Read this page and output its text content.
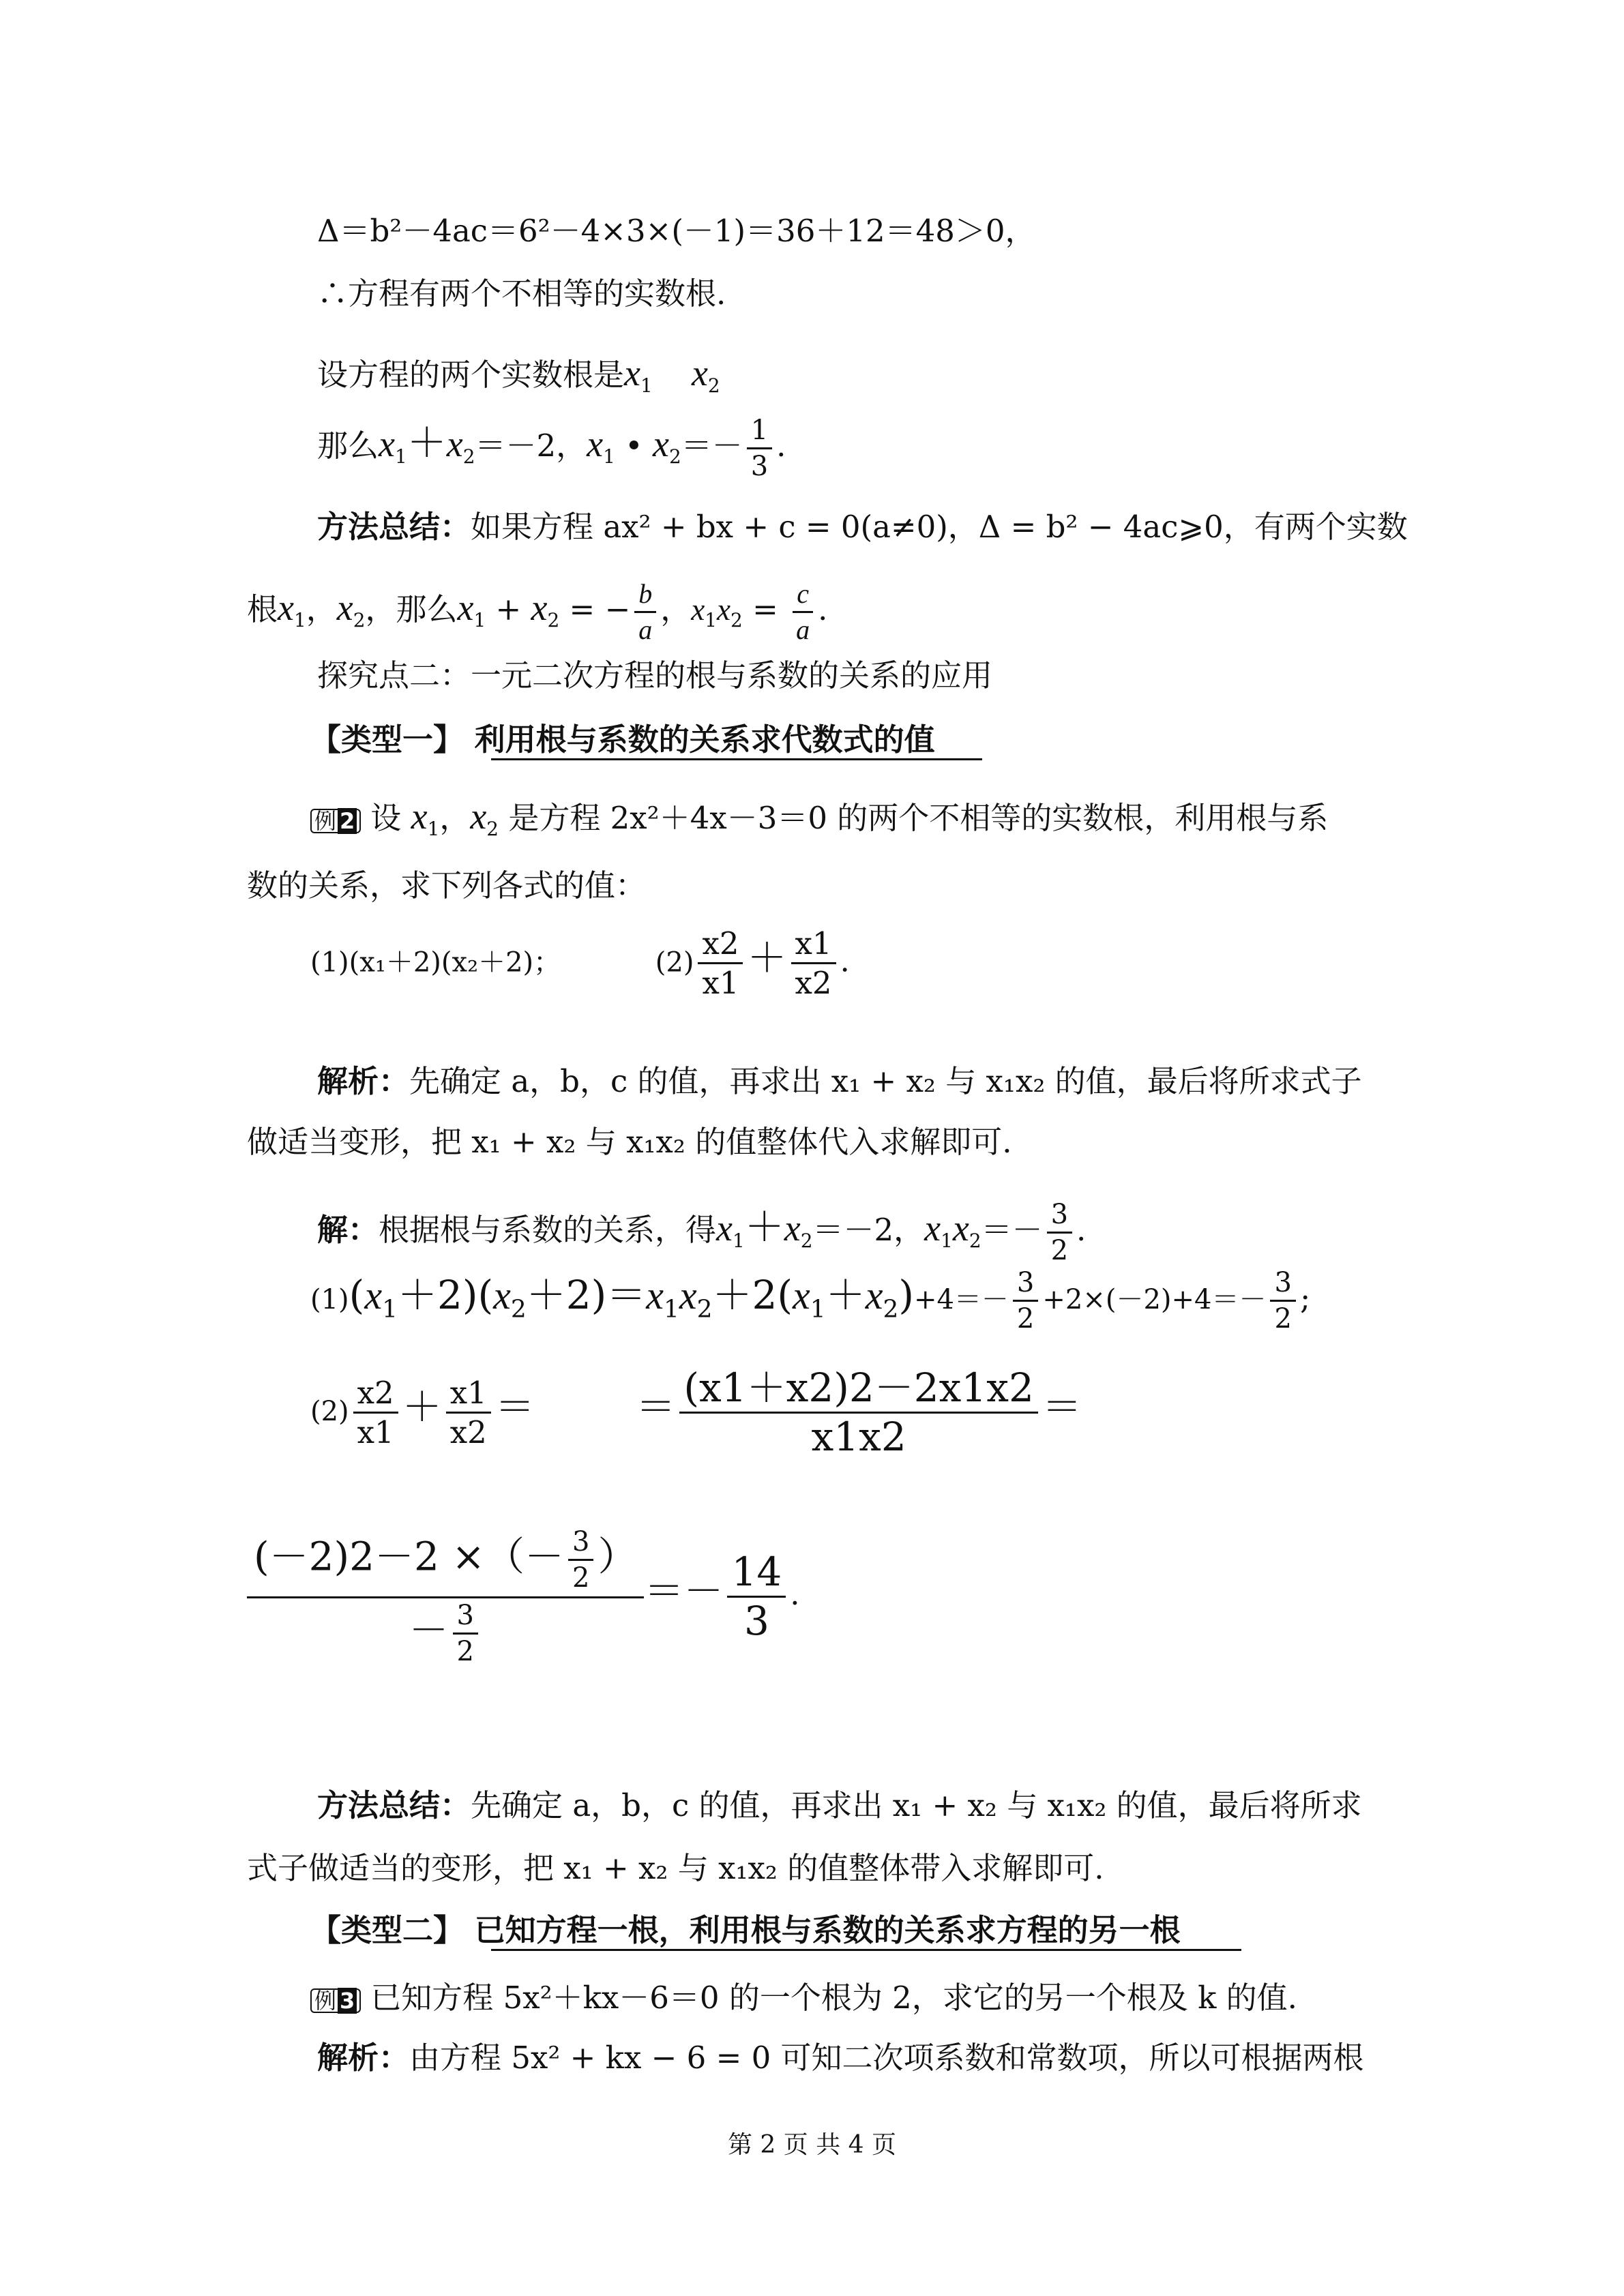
Δ＝b²－4ac＝6²－4×3×(－1)＝36＋12＝48＞0，
∴方程有两个不相等的实数根.
设方程的两个实数根是$x_1$ $x_2$
那么$x_1+x_2=-2$，$x_1$ • $x_2=- \frac{1}{3}$ .
方法总结：如果方程 ax² + bx + c = 0(a≠0)，Δ = b² − 4ac⩾0，有两个实数
根$x_1$，$x_2$，那么$x_1 + x_2$ = − $\frac{b}{a}$ ，$x_1x_2 = \frac{c}{a}$ .
探究点二：一元二次方程的根与系数的关系的应用
【类型一】 利用根与系数的关系求代数式的值
例 2 设 $x_1$，$x_2$ 是方程 2x²＋4x－3＝0 的两个不相等的实数根，利用根与系
数的关系，求下列各式的值：
(1)(x₁＋2)(x₂＋2)；	$(2) \frac{x2}{x1} + \frac{x1}{x2}$ .
解析：先确定 a，b，c 的值，再求出 x₁ + x₂ 与 x₁x₂ 的值，最后将所求式子
做适当变形，把 x₁ + x₂ 与 x₁x₂ 的值整体代入求解即可.
解：根据根与系数的关系，得$x_1+x_2=-2$，$x_1x_2=- \frac{3}{2}$ .
$(1)(x_1+2)(x_2+2)=x_1x_2+2(x_1+x_2)+4=- \frac{3}{2} +2\times(-2)+4=- \frac{3}{2}$ ;
$(2) \frac{x2}{x1} + \frac{x1}{x2}$ ＝	＝ $\frac{(x1+x2)2-2x1x2}{x1x2}$ ＝
$\frac{(-2)2-2 \times(- \frac{3}{2} )}{- \frac{3}{2}} =- \frac{14}{3}$ .
方法总结：先确定 a，b，c 的值，再求出 x₁ + x₂ 与 x₁x₂ 的值，最后将所求
式子做适当的变形，把 x₁ + x₂ 与 x₁x₂ 的值整体带入求解即可.
【类型二】 已知方程一根，利用根与系数的关系求方程的另一根
例 3 已知方程 5x²＋kx－6＝0 的一个根为 2，求它的另一个根及 k 的值.
解析：由方程 5x² + kx − 6 = 0 可知二次项系数和常数项，所以可根据两根
第 2 页 共 4 页
